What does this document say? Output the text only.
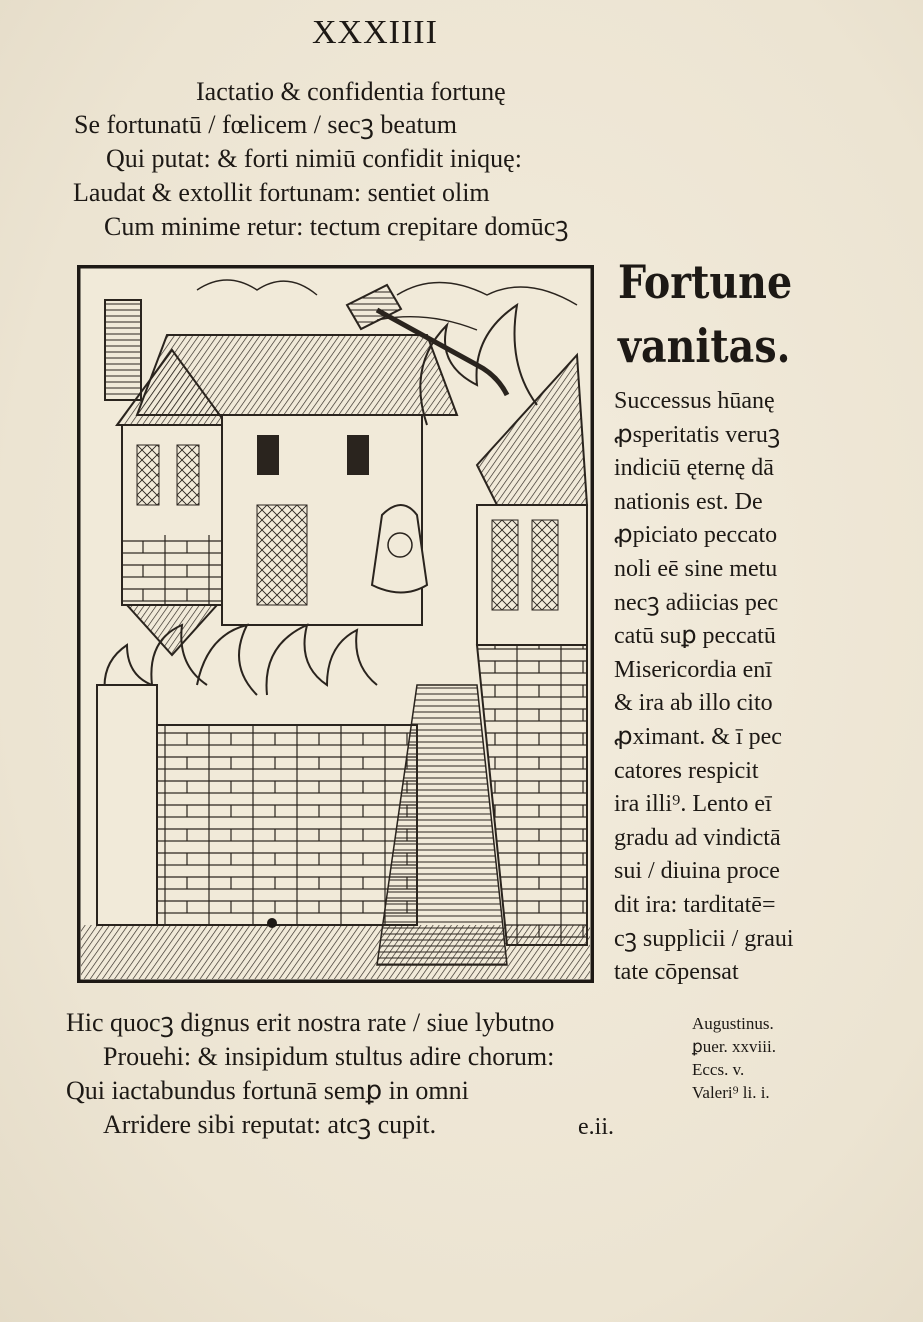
XXXIIII
Iactatio & confidentia fortunę
Se fortunatū / fœlicem / secꝫ beatum
Qui putat: & forti nimiū confidit iniquę:
Laudat & extollit fortunam: sentiet olim
Cum minime retur: tectum crepitare domūcꝫ
Fortune
vanitas.
Successus hūanę
ꝓsperitatis veruꝫ
indiciū ęternę dā
nationis est. De
ꝓpiciato peccato
noli eē sine metu
necꝫ adiicias pec
catū suꝑ peccatū
Misericordia enī
& ira ab illo cito
ꝓximant. & ī pec
catores respicit
ira illi⁹. Lento eī
gradu ad vindictā
sui / diuina proce
dit ira: tarditatē=
cꝫ supplicii / graui
tate cōpensat
Hic quocꝫ dignus erit nostra rate / siue lybutno
Prouehi: & insipidum stultus adire chorum:
Qui iactabundus fortunā semꝑ in omni
Arridere sibi reputat: atcꝫ cupit.	e.ii.
Augustinus.
ꝑuer. xxviii.
Eccs. v.
Valeri⁹ li. i.
